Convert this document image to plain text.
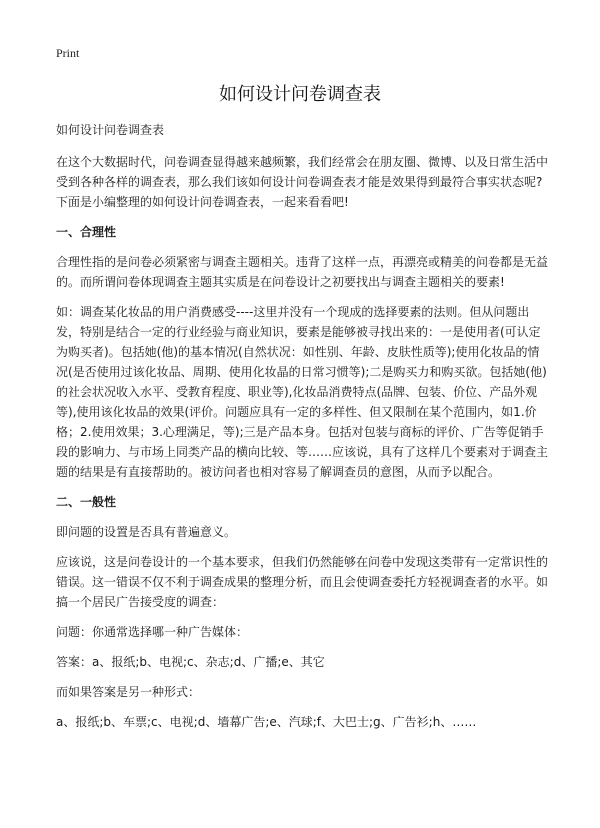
Print
如何设计问卷调查表

如何设计问卷调查表

在这个大数据时代，问卷调查显得越来越频繁，我们经常会在朋友圈、微博、以及日常生活中受到各种各样的调查表，那么我们该如何设计问卷调查表才能是效果得到最符合事实状态呢?下面是小编整理的如何设计问卷调查表，一起来看看吧!

一、合理性

合理性指的是问卷必须紧密与调查主题相关。违背了这样一点，再漂亮或精美的问卷都是无益的。而所谓问卷体现调查主题其实质是在问卷设计之初要找出与调查主题相关的要素!

如：调查某化妆品的用户消费感受----这里并没有一个现成的选择要素的法则。但从问题出发，特别是结合一定的行业经验与商业知识，要素是能够被寻找出来的：一是使用者(可认定为购买者)。包括她(他)的基本情况(自然状况：如性别、年龄、皮肤性质等);使用化妆品的情况(是否使用过该化妆品、周期、使用化妆晶的日常习惯等);二是购买力和购买欲。包括她(他)的社会状况收入水平、受教育程度、职业等),化妆品消费特点(品牌、包装、价位、产品外观等),使用该化妆品的效果(评价。问题应具有一定的多样性、但又限制在某个范围内，如1.价格；2.使用效果；3.心理满足，等);三是产品本身。包括对包装与商标的评价、广告等促销手段的影响力、与市场上同类产品的横向比较、等……应该说，具有了这样几个要素对于调查主题的结果是有直接帮助的。被访问者也相对容易了解调查员的意图，从而予以配合。

二、一般性

即问题的设置是否具有普遍意义。

应该说，这是问卷设计的一个基本要求，但我们仍然能够在问卷中发现这类带有一定常识性的错误。这一错误不仅不利于调查成果的整理分析，而且会使调查委托方轻视调查者的水平。如搞一个居民广告接受度的调查：

问题：你通常选择哪一种广告媒体：

答案：a、报纸;b、电视;c、杂志;d、广播;e、其它

而如果答案是另一种形式：

a、报纸;b、车票;c、电视;d、墙幕广告;e、汽球;f、大巴士;g、广告衫;h、……
